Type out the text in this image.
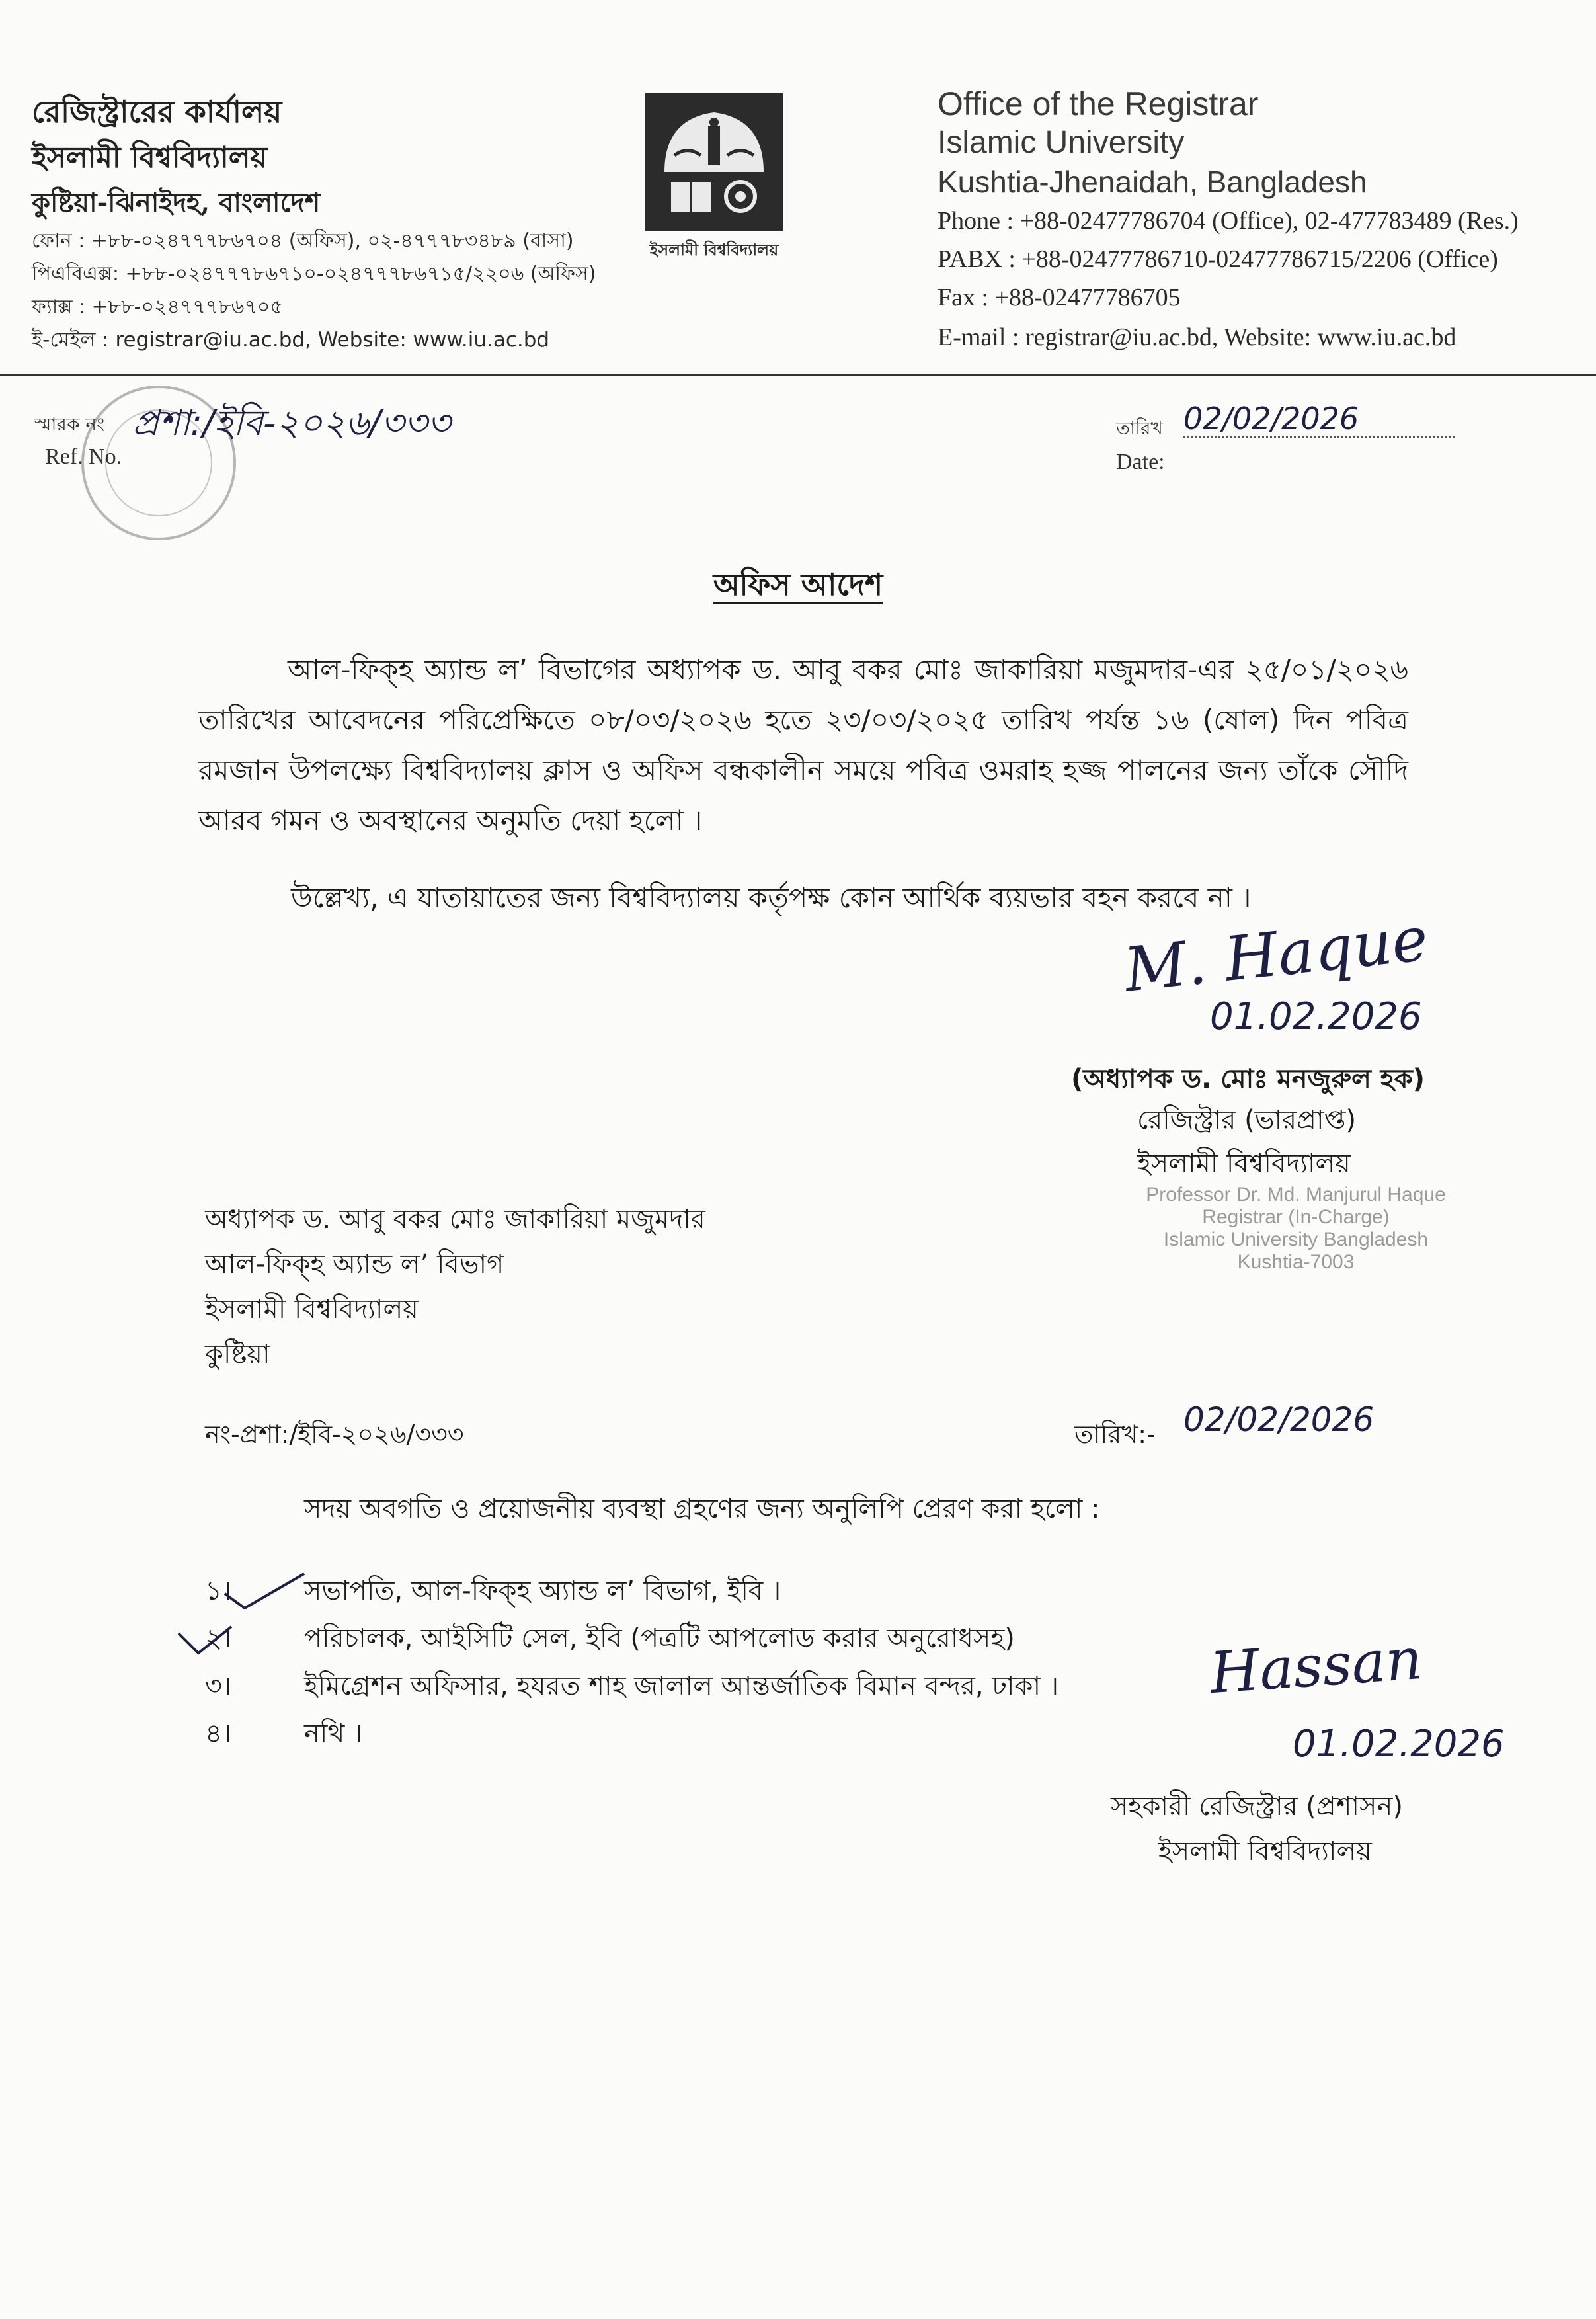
রেজিস্ট্রারের কার্যালয়
ইসলামী বিশ্ববিদ্যালয়
কুষ্টিয়া-ঝিনাইদহ, বাংলাদেশ
ফোন : +৮৮-০২৪৭৭৭৮৬৭০৪ (অফিস), ০২-৪৭৭৭৮৩৪৮৯ (বাসা)
পিএবিএক্স: +৮৮-০২৪৭৭৭৮৬৭১০-০২৪৭৭৭৮৬৭১৫/২২০৬ (অফিস)
ফ্যাক্স : +৮৮-০২৪৭৭৭৮৬৭০৫
ই-মেইল : registrar@iu.ac.bd, Website: www.iu.ac.bd
ইসলামী বিশ্ববিদ্যালয়
Office of the Registrar
Islamic University
Kushtia-Jhenaidah, Bangladesh
Phone : +88-02477786704 (Office), 02-477783489 (Res.)
PABX : +88-02477786710-02477786715/2206 (Office)
Fax : +88-02477786705
E-mail : registrar@iu.ac.bd, Website: www.iu.ac.bd
স্মারক নং
Ref. No.
প্রশা:/ইবি-২০২৬/৩৩৩	তারিখ 02/02/2026
Date:
অফিস আদেশ
আল-ফিক্‌হ অ্যান্ড ল’ বিভাগের অধ্যাপক ড. আবু বকর মোঃ জাকারিয়া মজুমদার-এর ২৫/০১/২০২৬ তারিখের আবেদনের পরিপ্রেক্ষিতে ০৮/০৩/২০২৬ হতে ২৩/০৩/২০২৫ তারিখ পর্যন্ত ১৬ (ষোল) দিন পবিত্র রমজান উপলক্ষ্যে বিশ্ববিদ্যালয় ক্লাস ও অফিস বন্ধকালীন সময়ে পবিত্র ওমরাহ হজ্জ পালনের জন্য তাঁকে সৌদি আরব গমন ও অবস্থানের অনুমতি দেয়া হলো ।
উল্লেখ্য, এ যাতায়াতের জন্য বিশ্ববিদ্যালয় কর্তৃপক্ষ কোন আর্থিক ব্যয়ভার বহন করবে না ।
M. Haque
01.02.2026
(অধ্যাপক ড. মোঃ মনজুরুল হক)
রেজিস্ট্রার (ভারপ্রাপ্ত)
ইসলামী বিশ্ববিদ্যালয়
Professor Dr. Md. Manjurul Haque
Registrar (In-Charge)
Islamic University Bangladesh
Kushtia-7003
অধ্যাপক ড. আবু বকর মোঃ জাকারিয়া মজুমদার
আল-ফিক্‌হ অ্যান্ড ল’ বিভাগ
ইসলামী বিশ্ববিদ্যালয়
কুষ্টিয়া
নং-প্রশা:/ইবি-২০২৬/৩৩৩	তারিখ:- 02/02/2026
সদয় অবগতি ও প্রয়োজনীয় ব্যবস্থা গ্রহণের জন্য অনুলিপি প্রেরণ করা হলো :
১।	সভাপতি, আল-ফিক্‌হ অ্যান্ড ল’ বিভাগ, ইবি ।
২।	পরিচালক, আইসিটি সেল, ইবি (পত্রটি আপলোড করার অনুরোধসহ)
৩।	ইমিগ্রেশন অফিসার, হযরত শাহ জালাল আন্তর্জাতিক বিমান বন্দর, ঢাকা ।
৪।	নথি ।
Hassan
01.02.2026
সহকারী রেজিস্ট্রার (প্রশাসন)
ইসলামী বিশ্ববিদ্যালয়
